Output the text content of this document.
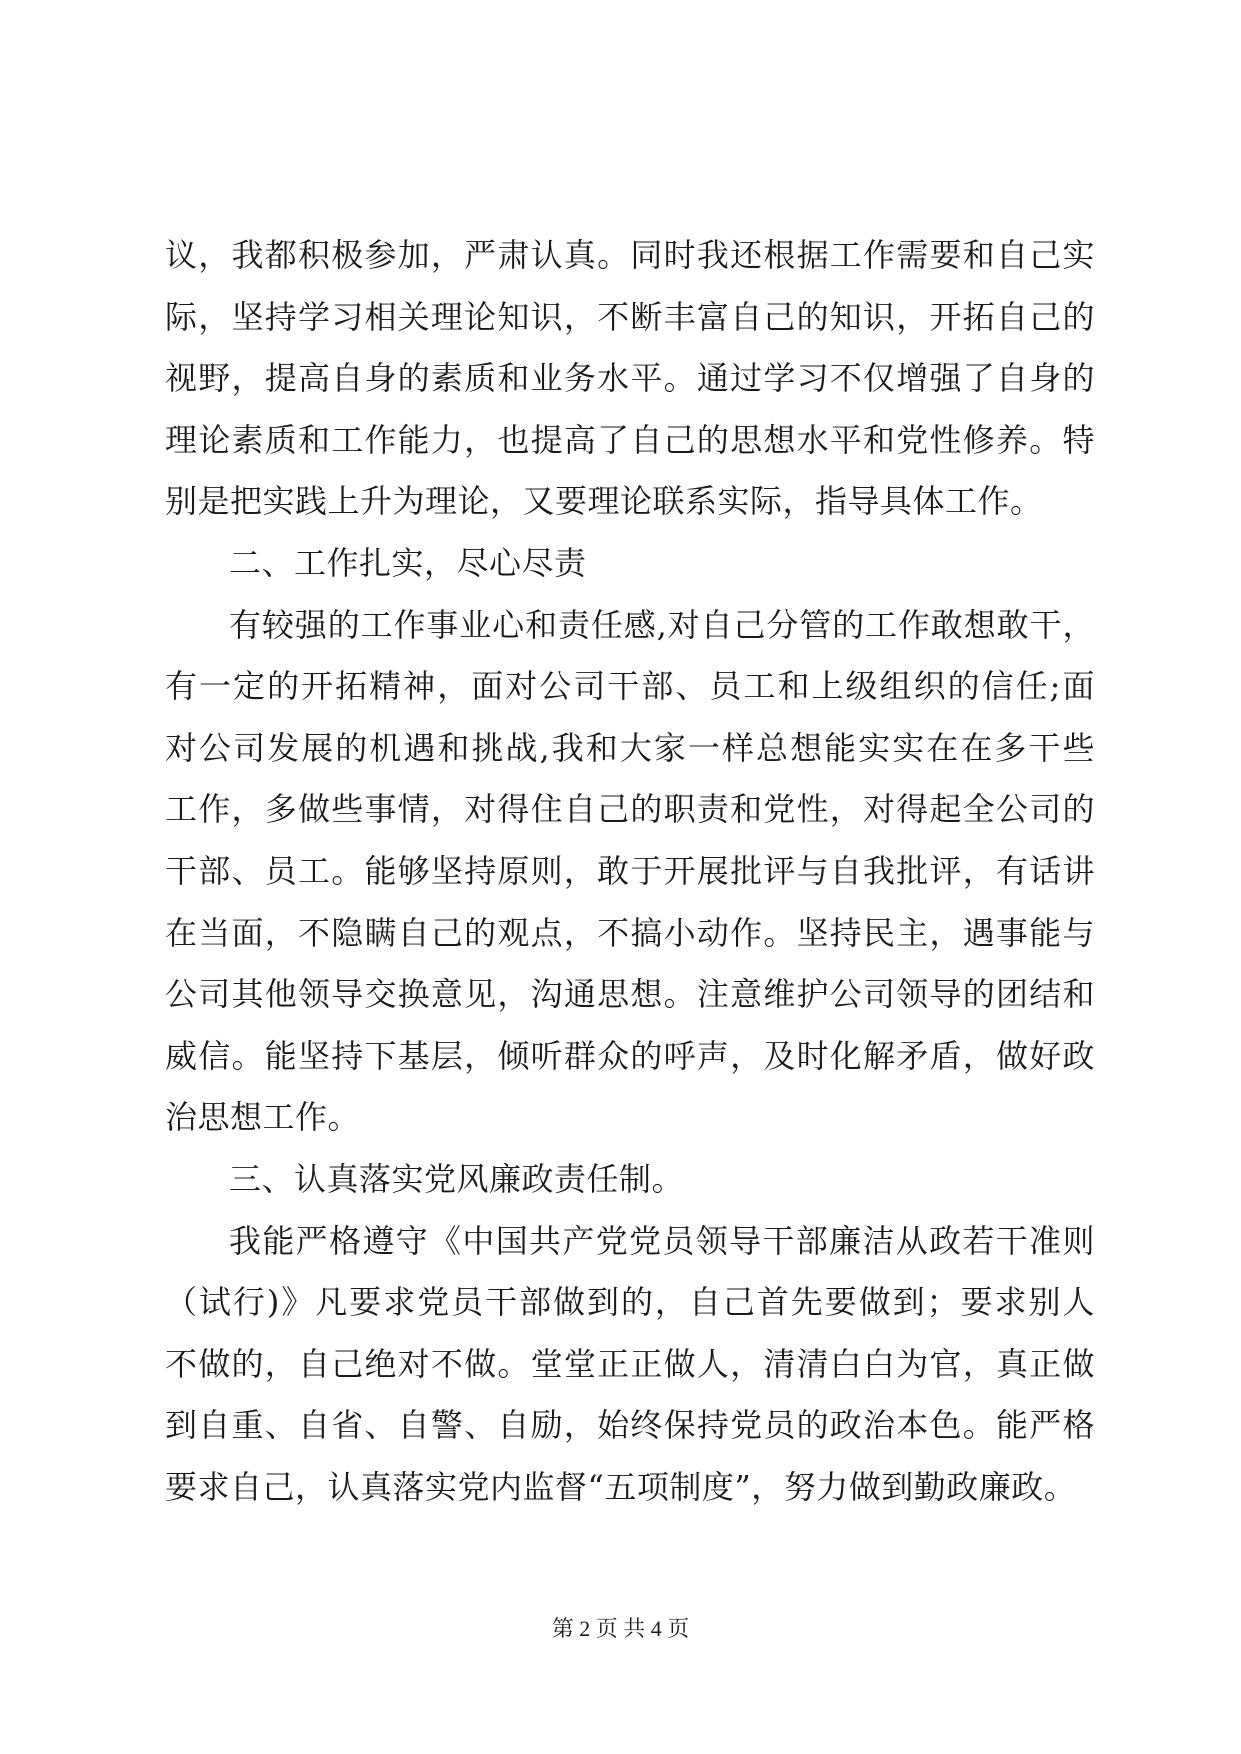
议，我都积极参加，严肃认真。同时我还根据工作需要和自己实
际，坚持学习相关理论知识，不断丰富自己的知识，开拓自己的
视野，提高自身的素质和业务水平。通过学习不仅增强了自身的
理论素质和工作能力，也提高了自己的思想水平和党性修养。特
别是把实践上升为理论，又要理论联系实际，指导具体工作。
二、工作扎实，尽心尽责
有较强的工作事业心和责任感,对自己分管的工作敢想敢干，
有一定的开拓精神，面对公司干部、员工和上级组织的信任;面
对公司发展的机遇和挑战,我和大家一样总想能实实在在多干些
工作，多做些事情，对得住自己的职责和党性，对得起全公司的
干部、员工。能够坚持原则，敢于开展批评与自我批评，有话讲
在当面，不隐瞒自己的观点，不搞小动作。坚持民主，遇事能与
公司其他领导交换意见，沟通思想。注意维护公司领导的团结和
威信。能坚持下基层，倾听群众的呼声，及时化解矛盾，做好政
治思想工作。
三、认真落实党风廉政责任制。
我能严格遵守《中国共产党党员领导干部廉洁从政若干准则
（试行)》凡要求党员干部做到的，自己首先要做到；要求别人
不做的，自己绝对不做。堂堂正正做人，清清白白为官，真正做
到自重、自省、自警、自励，始终保持党员的政治本色。能严格
要求自己，认真落实党内监督“五项制度”，努力做到勤政廉政。
第 2 页 共 4 页
